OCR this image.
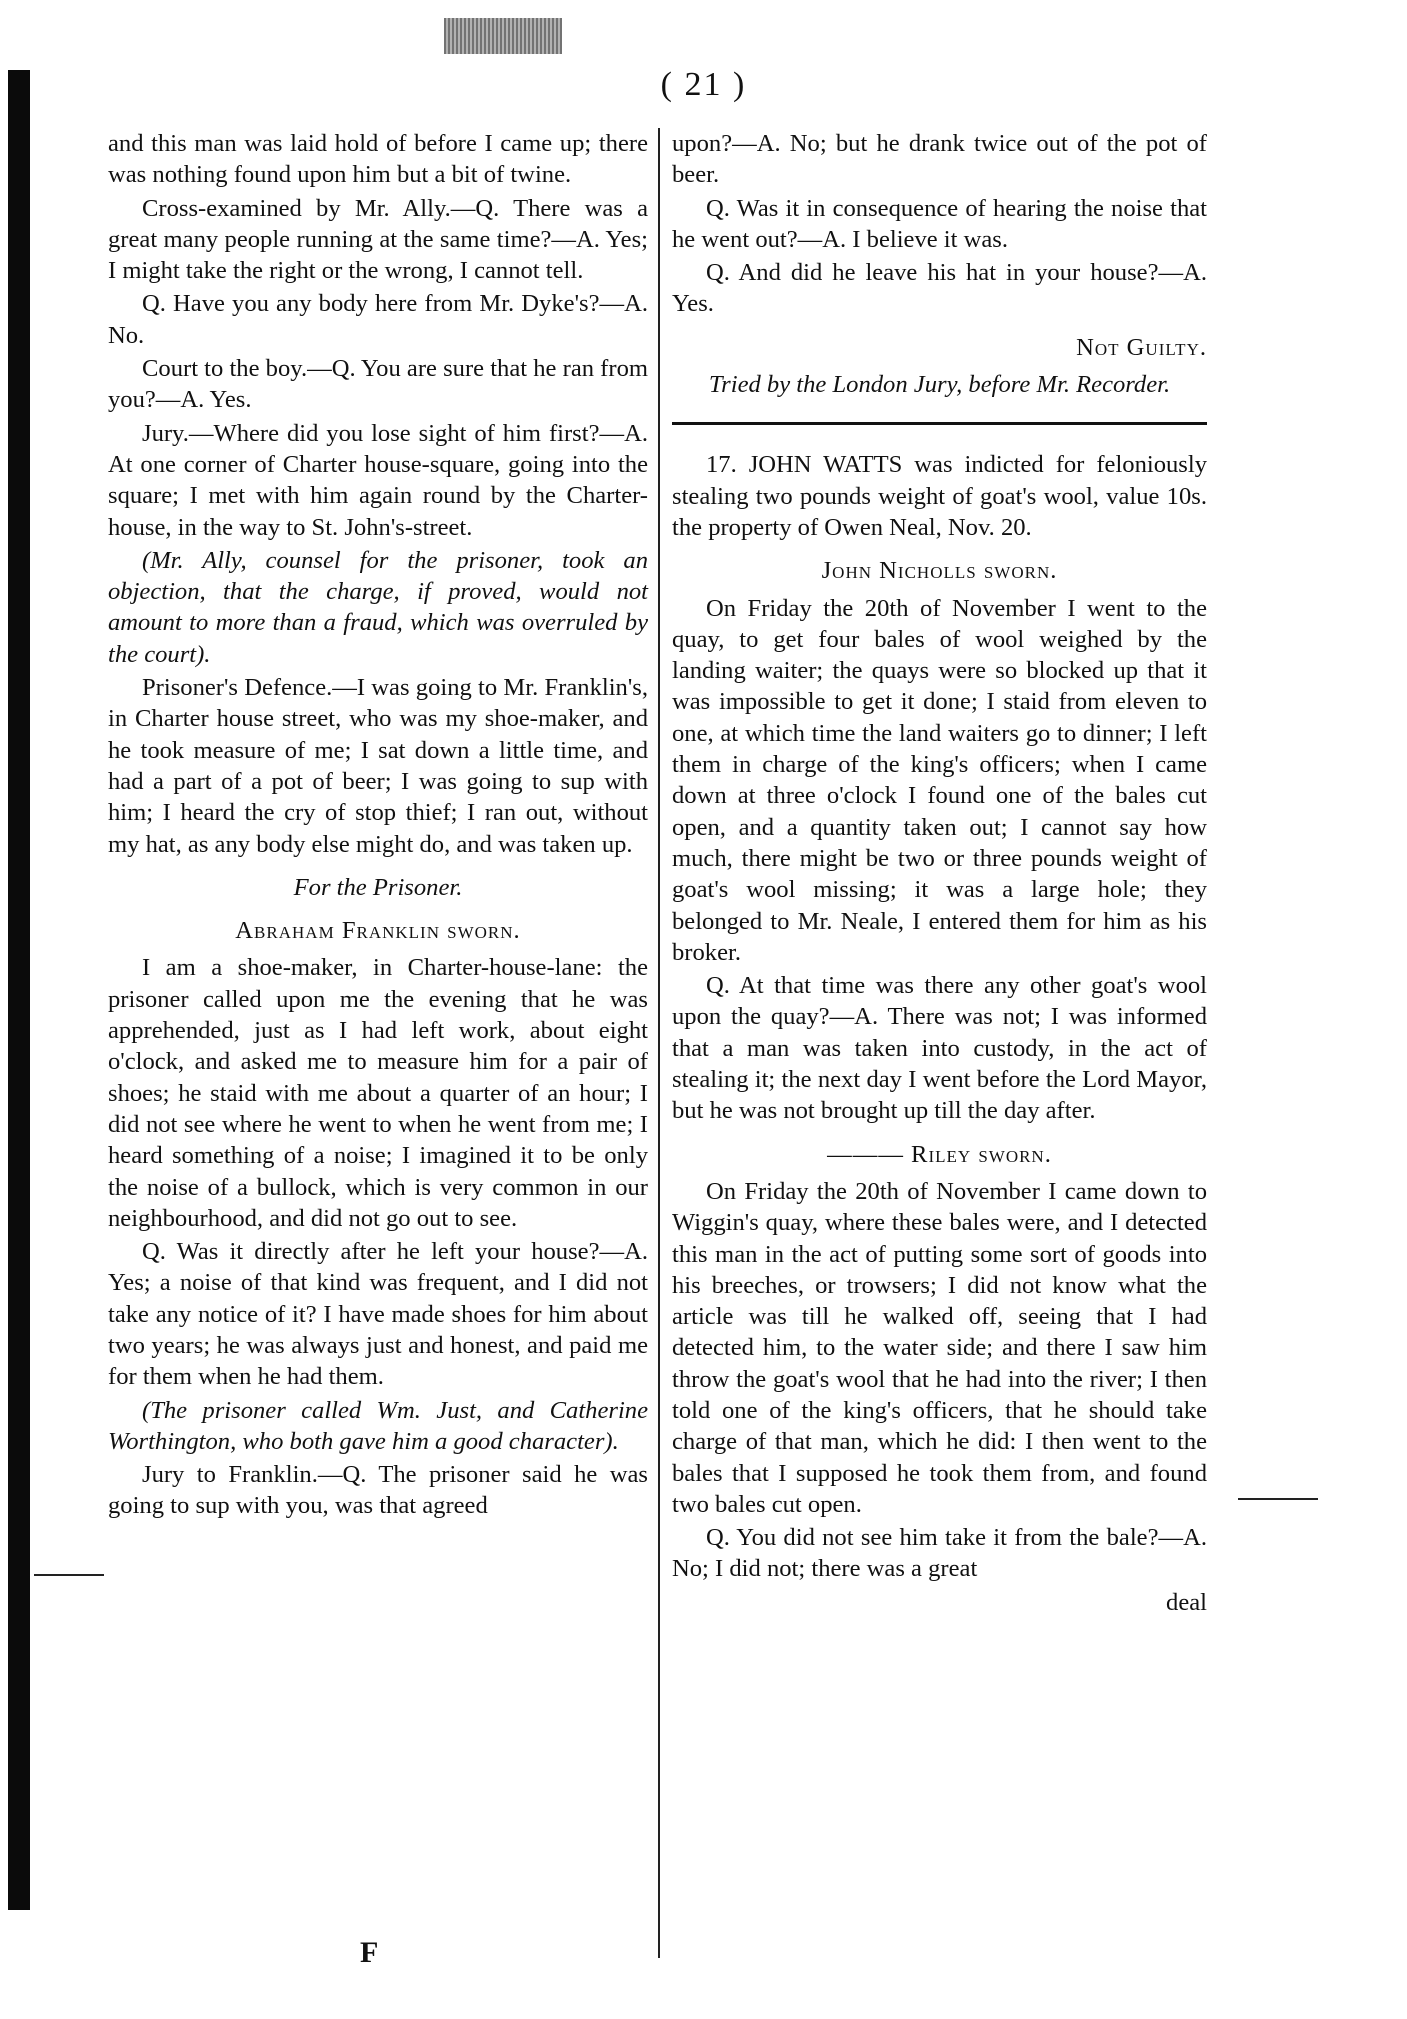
( 21 )

and this man was laid hold of before I came up; there was nothing found upon him but a bit of twine.

Cross-examined by Mr. Ally.—Q. There was a great many people running at the same time?—A. Yes; I might take the right or the wrong, I cannot tell.

Q. Have you any body here from Mr. Dyke's?—A. No.

Court to the boy.—Q. You are sure that he ran from you?—A. Yes.

Jury.—Where did you lose sight of him first?—A. At one corner of Charter house-square, going into the square; I met with him again round by the Charter-house, in the way to St. John's-street.

(Mr. Ally, counsel for the prisoner, took an objection, that the charge, if proved, would not amount to more than a fraud, which was overruled by the court).

Prisoner's Defence.—I was going to Mr. Franklin's, in Charter house street, who was my shoe-maker, and he took measure of me; I sat down a little time, and had a part of a pot of beer; I was going to sup with him; I heard the cry of stop thief; I ran out, without my hat, as any body else might do, and was taken up.

For the Prisoner.

Abraham Franklin sworn.

I am a shoe-maker, in Charter-house-lane: the prisoner called upon me the evening that he was apprehended, just as I had left work, about eight o'clock, and asked me to measure him for a pair of shoes; he staid with me about a quarter of an hour; I did not see where he went to when he went from me; I heard something of a noise; I imagined it to be only the noise of a bullock, which is very common in our neighbourhood, and did not go out to see.

Q. Was it directly after he left your house?—A. Yes; a noise of that kind was frequent, and I did not take any notice of it? I have made shoes for him about two years; he was always just and honest, and paid me for them when he had them.

(The prisoner called Wm. Just, and Catherine Worthington, who both gave him a good character).

Jury to Franklin.—Q. The prisoner said he was going to sup with you, was that agreed

upon?—A. No; but he drank twice out of the pot of beer.

Q. Was it in consequence of hearing the noise that he went out?—A. I believe it was.

Q. And did he leave his hat in your house?—A. Yes.

Not Guilty.

Tried by the London Jury, before Mr. Recorder.

17. JOHN WATTS was indicted for feloniously stealing two pounds weight of goat's wool, value 10s. the property of Owen Neal, Nov. 20.

John Nicholls sworn.

On Friday the 20th of November I went to the quay, to get four bales of wool weighed by the landing waiter; the quays were so blocked up that it was impossible to get it done; I staid from eleven to one, at which time the land waiters go to dinner; I left them in charge of the king's officers; when I came down at three o'clock I found one of the bales cut open, and a quantity taken out; I cannot say how much, there might be two or three pounds weight of goat's wool missing; it was a large hole; they belonged to Mr. Neale, I entered them for him as his broker.

Q. At that time was there any other goat's wool upon the quay?—A. There was not; I was informed that a man was taken into custody, in the act of stealing it; the next day I went before the Lord Mayor, but he was not brought up till the day after.

——— Riley sworn.

On Friday the 20th of November I came down to Wiggin's quay, where these bales were, and I detected this man in the act of putting some sort of goods into his breeches, or trowsers; I did not know what the article was till he walked off, seeing that I had detected him, to the water side; and there I saw him throw the goat's wool that he had into the river; I then told one of the king's officers, that he should take charge of that man, which he did: I then went to the bales that I supposed he took them from, and found two bales cut open.

Q. You did not see him take it from the bale?—A. No; I did not; there was a great

deal

F
